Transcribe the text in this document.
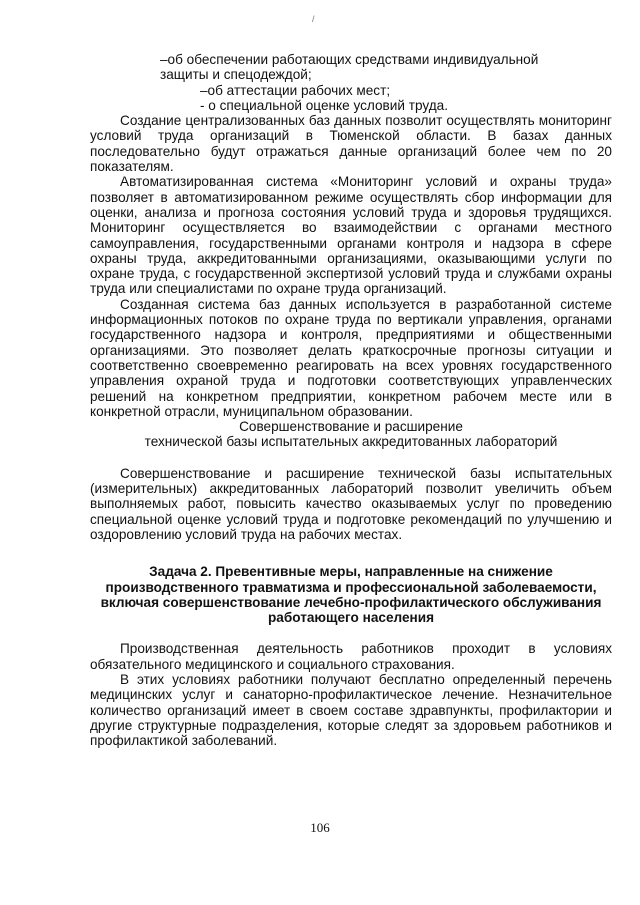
/

–об обеспечении работающих средствами индивидуальной

защиты и спецодеждой;

–об аттестации рабочих мест;

- о специальной оценке условий труда.

Создание централизованных баз данных позволит осуществлять мониторинг условий труда организаций в Тюменской области. В базах данных последовательно будут отражаться данные организаций более чем по 20 показателям.

Автоматизированная система «Мониторинг условий и охраны труда» позволяет в автоматизированном режиме осуществлять сбор информации для оценки, анализа и прогноза состояния условий труда и здоровья трудящихся. Мониторинг осуществляется во взаимодействии с органами местного самоуправления, государственными органами контроля и надзора в сфере охраны труда, аккредитованными организациями, оказывающими услуги по охране труда, с государственной экспертизой условий труда и службами охраны труда или специалистами по охране труда организаций.

Созданная система баз данных используется в разработанной системе информационных потоков по охране труда по вертикали управления, органами государственного надзора и контроля, предприятиями и общественными организациями. Это позволяет делать краткосрочные прогнозы ситуации и соответственно своевременно реагировать на всех уровнях государственного управления охраной труда и подготовки соответствующих управленческих решений на конкретном предприятии, конкретном рабочем месте или в конкретной отрасли, муниципальном образовании.

Совершенствование и расширение

технической базы испытательных аккредитованных лабораторий

Совершенствование и расширение технической базы испытательных (измерительных) аккредитованных лабораторий позволит увеличить объем выполняемых работ, повысить качество оказываемых услуг по проведению специальной оценке условий труда и подготовке рекомендаций по улучшению и оздоровлению условий труда на рабочих местах.

Задача 2. Превентивные меры, направленные на снижение

производственного травматизма и профессиональной заболеваемости,

включая совершенствование лечебно-профилактического обслуживания

работающего населения

Производственная деятельность работников проходит в условиях обязательного медицинского и социального страхования.

В этих условиях работники получают бесплатно определенный перечень медицинских услуг и санаторно-профилактическое лечение. Незначительное количество организаций имеет в своем составе здравпункты, профилактории и другие структурные подразделения, которые следят за здоровьем работников и профилактикой заболеваний.

106
